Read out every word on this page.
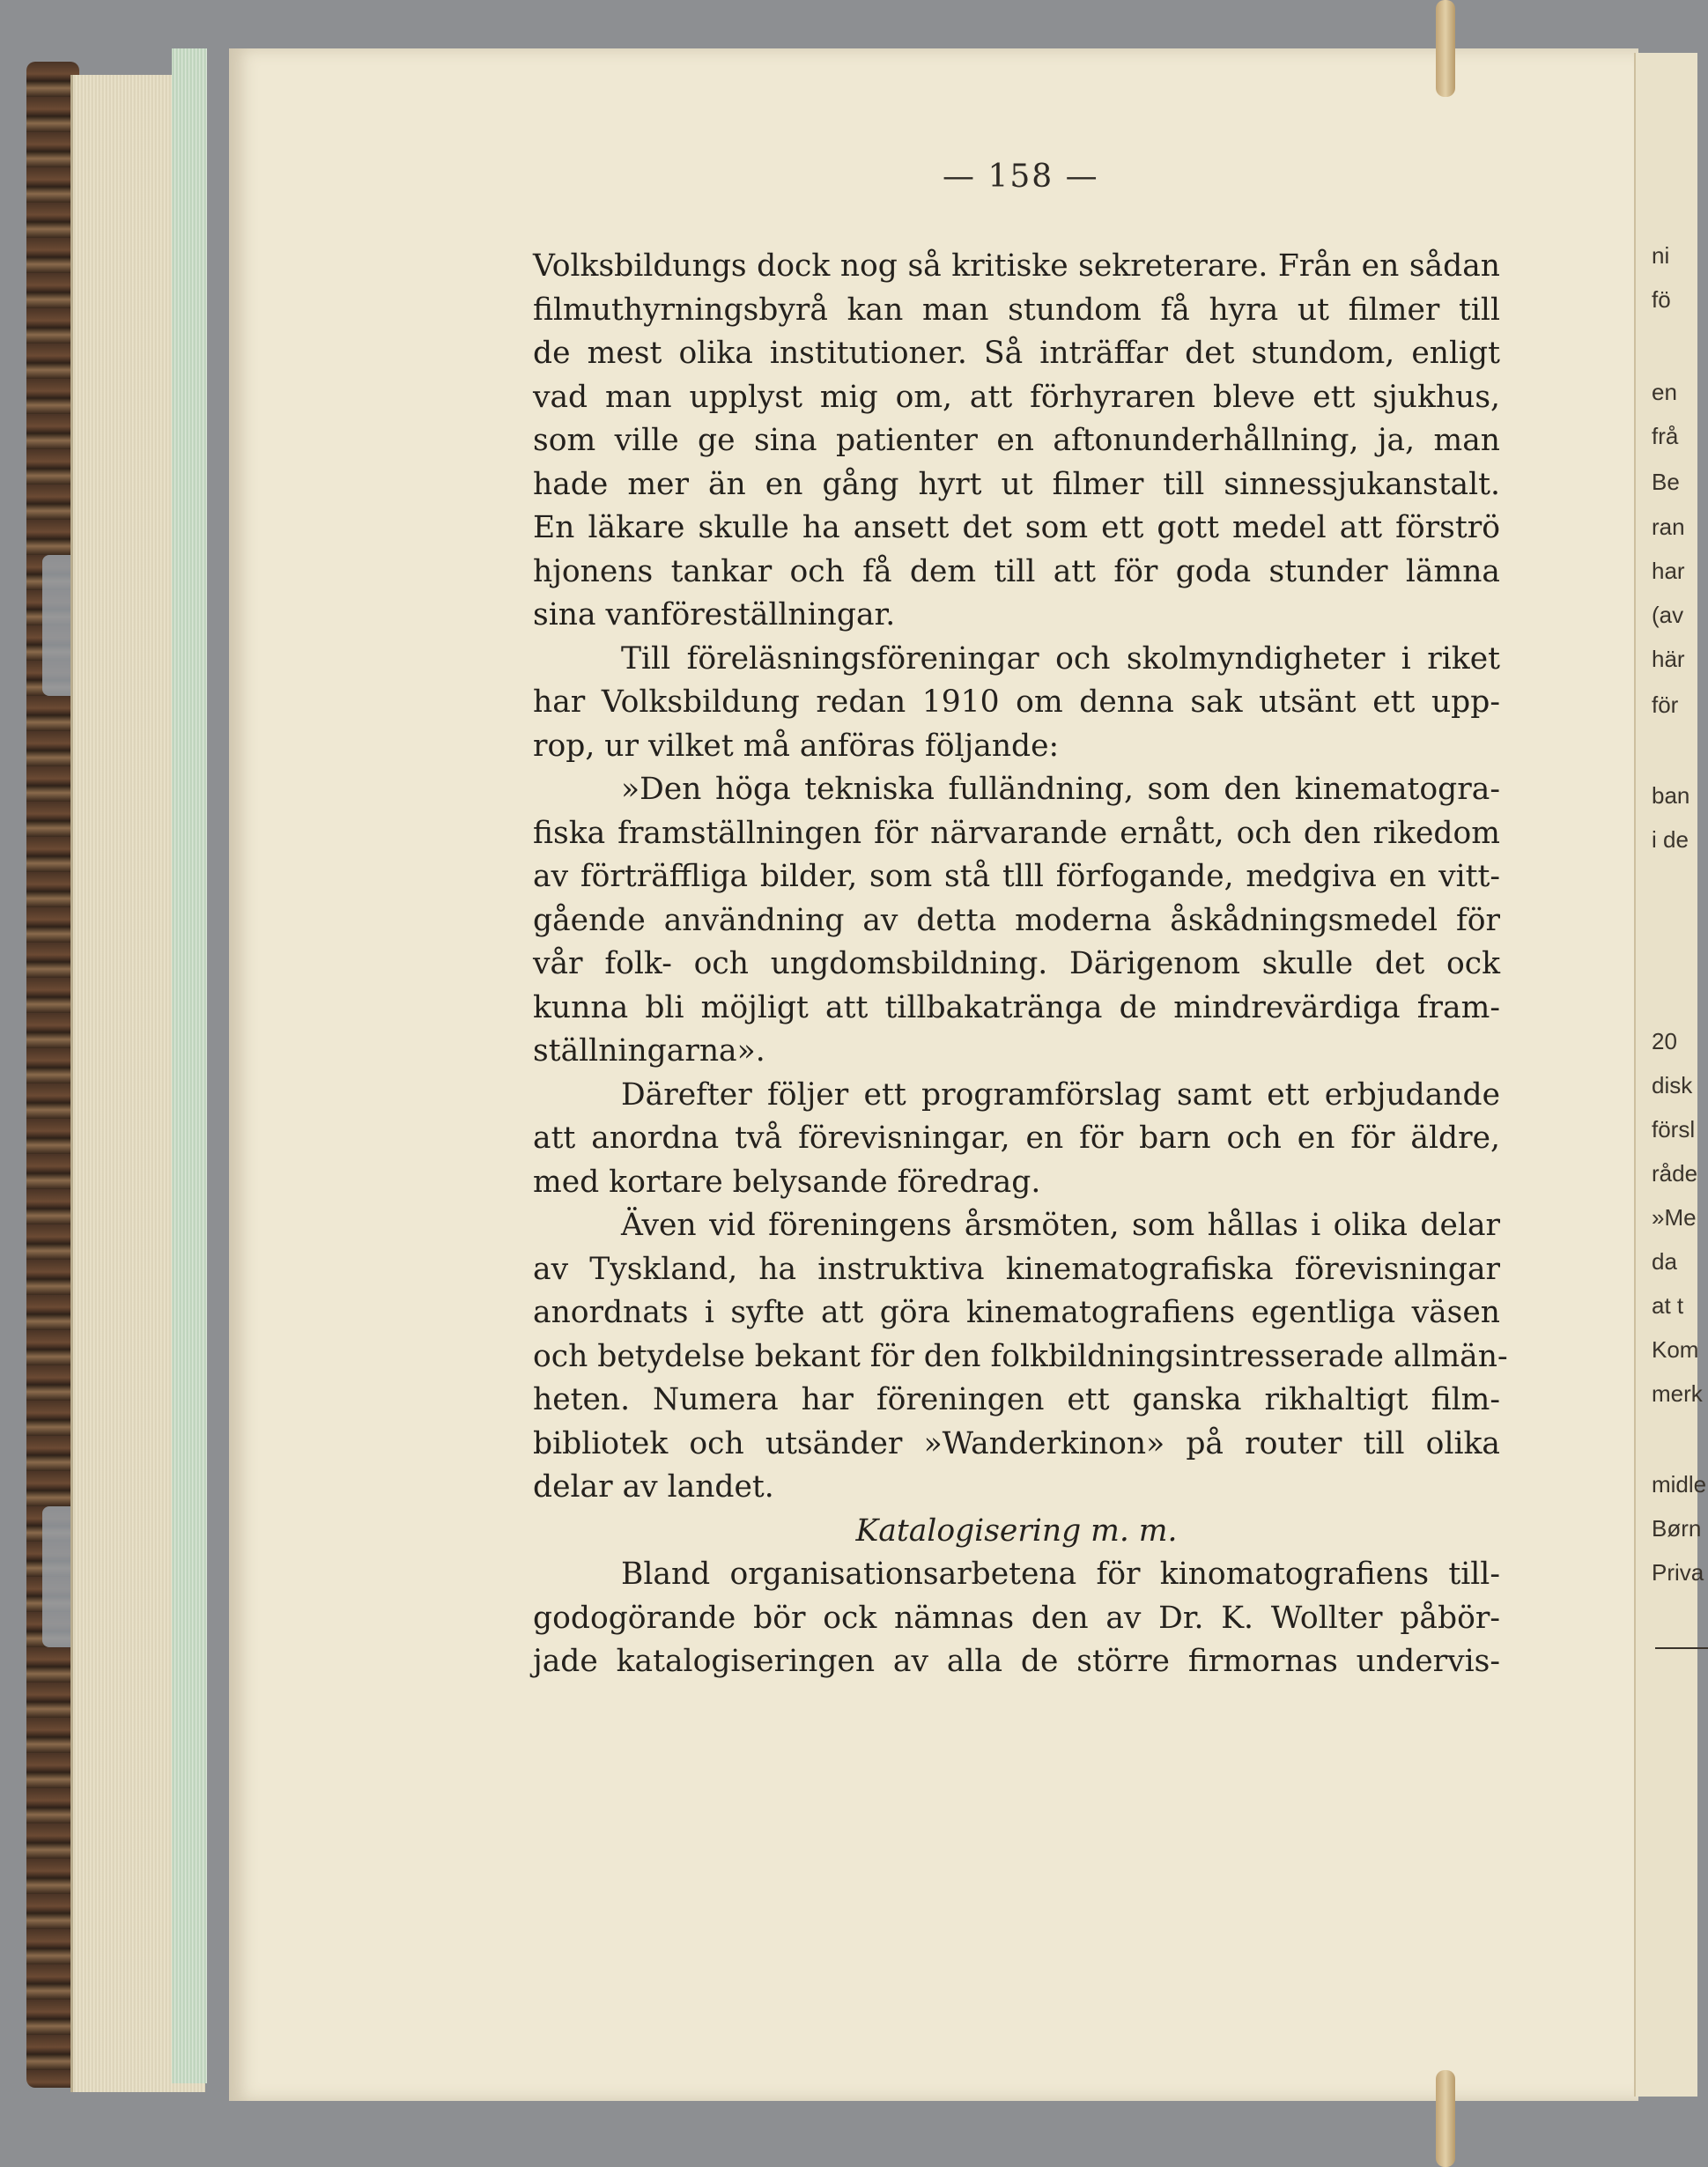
ni
fö
en
frå
Be
ran
har
(av
här
för
ban
i de
20
disk
försl
råde
»Me
da
at t
Kom
merk
midle
Børn
Priva
— 158 —
Volksbildungs dock nog så kritiske sekreterare. Från en sådan
filmuthyrningsbyrå kan man stundom få hyra ut filmer till
de mest olika institutioner. Så inträffar det stundom, enligt
vad man upplyst mig om, att förhyraren bleve ett sjukhus,
som ville ge sina patienter en aftonunderhållning, ja, man
hade mer än en gång hyrt ut filmer till sinnessjukanstalt.
En läkare skulle ha ansett det som ett gott medel att förströ
hjonens tankar och få dem till att för goda stunder lämna
sina vanföreställningar.
Till föreläsningsföreningar och skolmyndigheter i riket
har Volksbildung redan 1910 om denna sak utsänt ett upp-
rop, ur vilket må anföras följande:
»Den höga tekniska fulländning, som den kinematogra-
fiska framställningen för närvarande ernått, och den rikedom
av förträffliga bilder, som stå tlll förfogande, medgiva en vitt-
gående användning av detta moderna åskådningsmedel för
vår folk- och ungdomsbildning. Därigenom skulle det ock
kunna bli möjligt att tillbakatränga de mindrevärdiga fram-
ställningarna».
Därefter följer ett programförslag samt ett erbjudande
att anordna två förevisningar, en för barn och en för äldre,
med kortare belysande föredrag.
Även vid föreningens årsmöten, som hållas i olika delar
av Tyskland, ha instruktiva kinematografiska förevisningar
anordnats i syfte att göra kinematografiens egentliga väsen
och betydelse bekant för den folkbildningsintresserade allmän-
heten. Numera har föreningen ett ganska rikhaltigt film-
bibliotek och utsänder »Wanderkinon» på router till olika
delar av landet.
Katalogisering m. m.
Bland organisationsarbetena för kinomatografiens till-
godogörande bör ock nämnas den av Dr. K. Wollter påbör-
jade katalogiseringen av alla de större firmornas undervis-
